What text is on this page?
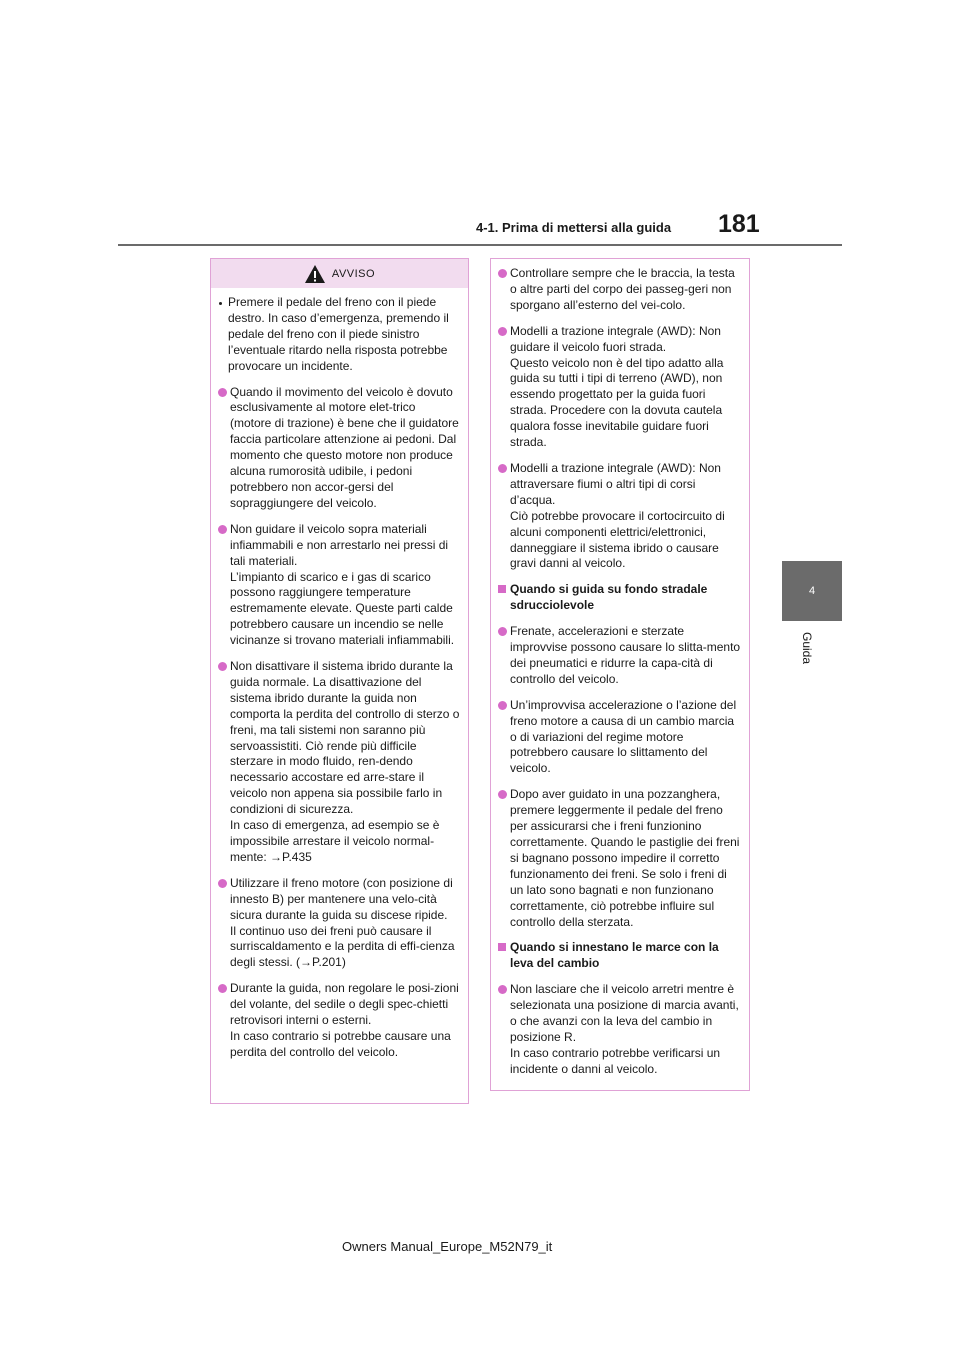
4-1. Prima di mettersi alla guida 181
4
Guida
AVVISO
Premere il pedale del freno con il piede destro. In caso d’emergenza, premendo il pedale del freno con il piede sinistro l’eventuale ritardo nella risposta potrebbe provocare un incidente.
Quando il movimento del veicolo è dovuto esclusivamente al motore elet-trico (motore di trazione) è bene che il guidatore faccia particolare attenzione ai pedoni. Dal momento che questo motore non produce alcuna rumorosità udibile, i pedoni potrebbero non accor-gersi del sopraggiungere del veicolo.
Non guidare il veicolo sopra materiali infiammabili e non arrestarlo nei pressi di tali materiali.
L’impianto di scarico e i gas di scarico possono raggiungere temperature estremamente elevate. Queste parti calde potrebbero causare un incendio se nelle vicinanze si trovano materiali infiammabili.
Non disattivare il sistema ibrido durante la guida normale. La disattivazione del sistema ibrido durante la guida non comporta la perdita del controllo di sterzo o freni, ma tali sistemi non saranno più servoassistiti. Ciò rende più difficile sterzare in modo fluido, ren-dendo necessario accostare ed arre-stare il veicolo non appena sia possibile farlo in condizioni di sicurezza.
In caso di emergenza, ad esempio se è impossibile arrestare il veicolo normal-mente: →P.435
Utilizzare il freno motore (con posizione di innesto B) per mantenere una velo-cità sicura durante la guida su discese ripide.
Il continuo uso dei freni può causare il surriscaldamento e la perdita di effi-cienza degli stessi. (→P.201)
Durante la guida, non regolare le posi-zioni del volante, del sedile o degli spec-chietti retrovisori interni o esterni.
In caso contrario si potrebbe causare una perdita del controllo del veicolo.
Controllare sempre che le braccia, la testa o altre parti del corpo dei passeg-geri non sporgano all’esterno del vei-colo.
Modelli a trazione integrale (AWD): Non guidare il veicolo fuori strada.
Questo veicolo non è del tipo adatto alla guida su tutti i tipi di terreno (AWD), non essendo progettato per la guida fuori strada. Procedere con la dovuta cautela qualora fosse inevitabile guidare fuori strada.
Modelli a trazione integrale (AWD): Non attraversare fiumi o altri tipi di corsi d’acqua.
Ciò potrebbe provocare il cortocircuito di alcuni componenti elettrici/elettronici, danneggiare il sistema ibrido o causare gravi danni al veicolo.
Quando si guida su fondo stradale sdrucciolevole
Frenate, accelerazioni e sterzate improvvise possono causare lo slitta-mento dei pneumatici e ridurre la capa-cità di controllo del veicolo.
Un’improvvisa accelerazione o l’azione del freno motore a causa di un cambio marcia o di variazioni del regime motore potrebbero causare lo slittamento del veicolo.
Dopo aver guidato in una pozzanghera, premere leggermente il pedale del freno per assicurarsi che i freni funzionino correttamente. Quando le pastiglie dei freni si bagnano possono impedire il corretto funzionamento dei freni. Se solo i freni di un lato sono bagnati e non funzionano correttamente, ciò potrebbe influire sul controllo della sterzata.
Quando si innestano le marce con la leva del cambio
Non lasciare che il veicolo arretri mentre è selezionata una posizione di marcia avanti, o che avanzi con la leva del cambio in posizione R.
In caso contrario potrebbe verificarsi un incidente o danni al veicolo.
Owners Manual_Europe_M52N79_it
